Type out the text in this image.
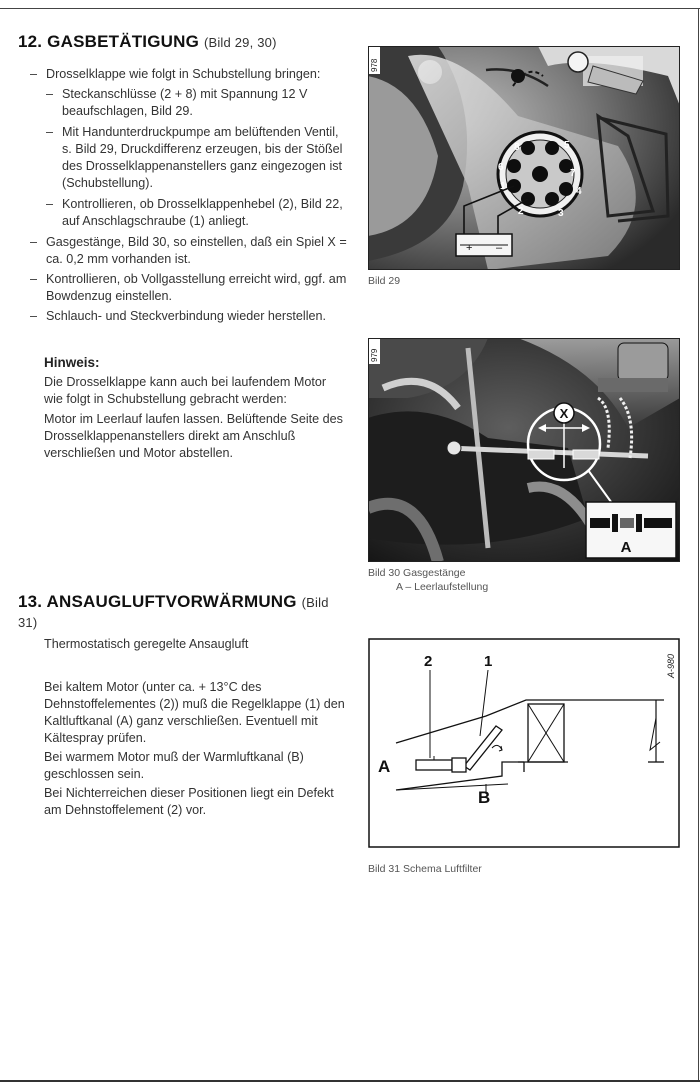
12. GASBETÄTIGUNG (Bild 29, 30)
– Drosselklappe wie folgt in Schubstellung bringen:
– Steckanschlüsse (2 + 8) mit Spannung 12 V beaufschlagen, Bild 29.
– Mit Handunterdruckpumpe am belüftenden Ventil, s. Bild 29, Druckdifferenz erzeugen, bis der Stößel des Drosselklappenanstellers ganz eingezogen ist (Schubstellung).
– Kontrollieren, ob Drosselklappenhebel (2), Bild 22, auf Anschlagschraube (1) anliegt.
– Gasgestänge, Bild 30, so einstellen, daß ein Spiel X = ca. 0,2 mm vorhanden ist.
– Kontrollieren, ob Vollgasstellung erreicht wird, ggf. am Bowdenzug einstellen.
– Schlauch- und Steckverbindung wieder herstellen.
Hinweis:

Die Drosselklappe kann auch bei laufendem Motor wie folgt in Schubstellung gebracht werden:

Motor im Leerlauf laufen lassen. Belüftende Seite des Drosselklappenanstellers direkt am Anschluß verschließen und Motor abstellen.

13. ANSAUGLUFTVORWÄRMUNG (Bild 31)

Thermostatisch geregelte Ansaugluft

Bei kaltem Motor (unter ca. + 13°C des Dehnstoffelementes (2)) muß die Regelklappe (1) den Kaltluftkanal (A) ganz verschließen. Eventuell mit Kältespray prüfen.

Bei warmem Motor muß der Warmluftkanal (B) geschlossen sein.

Bei Nichterreichen dieser Positionen liegt ein Defekt am Dehnstoffelement (2) vor.

8	5
6
1
7
4
2	3
+ –
978
Bild 29
X
A
979
Bild 30 Gasgestänge
A – Leerlaufstellung
2	1
A
B
A-980
Bild 31 Schema Luftfilter
